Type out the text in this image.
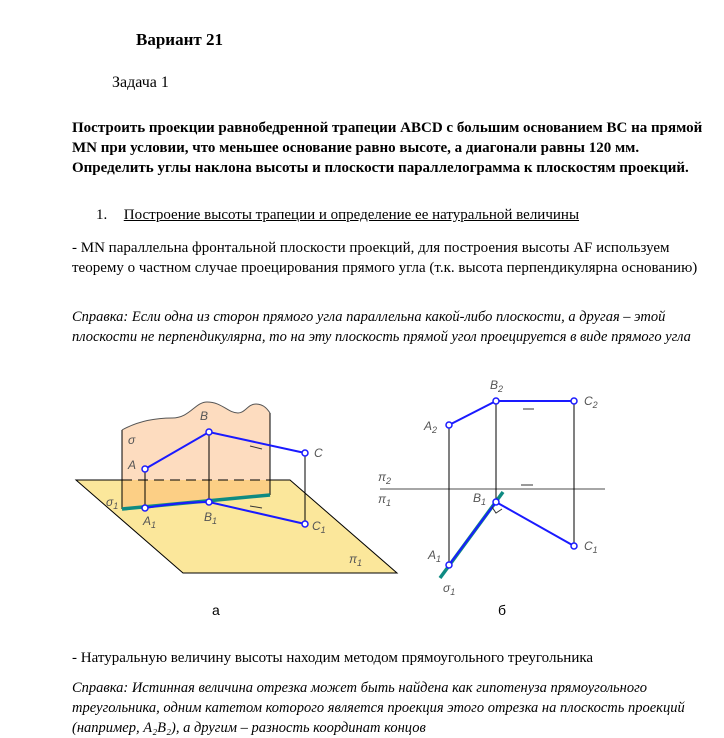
Вариант 21
Задача 1
Построить проекции равнобедренной трапеции ABCD с большим основанием BC на прямой MN при условии, что меньшее основание равно высоте, а диагонали равны 120 мм. Определить углы наклона высоты и плоскости параллелограмма к плоскостям проекций.
1. Построение высоты трапеции и определение ее натуральной величины
- MN параллельна фронтальной плоскости проекций, для построения высоты AF используем теорему о частном случае проецирования прямого угла (т.к. высота перпендикулярна основанию)
Справка: Если одна из сторон прямого угла параллельна какой-либо плоскости, а другая – этой плоскости не перпендикулярна, то на эту плоскость прямой угол проецируется в виде прямого угла
B
σ
A
C
$\sigma_1$
$A_1$
$B_1$	$C_1$
$\pi_1$
$A_2$
$B_2$
$C_2$
$\pi_2$
$\pi_1$	$B_1$
$A_1$
$C_1$
$\sigma_1$
а	б
- Натуральную величину высоты находим методом прямоугольного треугольника
Справка: Истинная величина отрезка может быть найдена как гипотенуза прямоугольного треугольника, одним катетом которого является проекция этого отрезка на плоскость проекций (например, A₂B₂), а другим – разность координат концов
